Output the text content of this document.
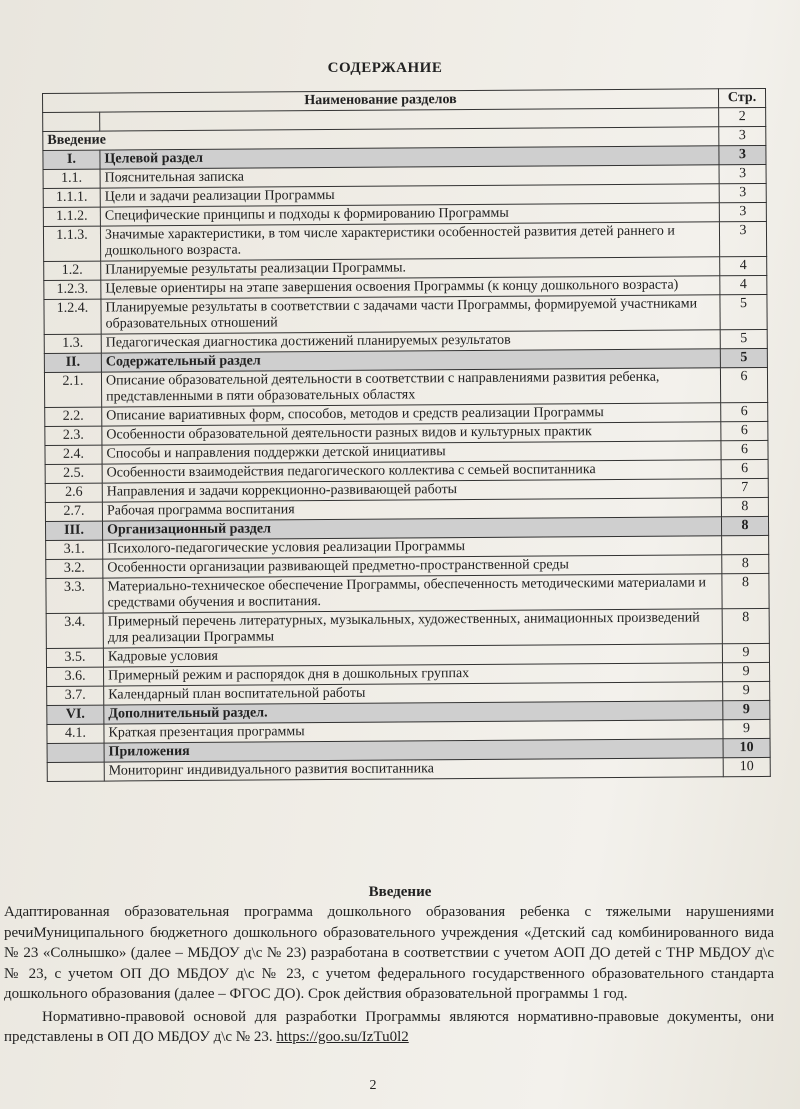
СОДЕРЖАНИЕ
Наименование разделов		Стр.
		2
Введение		3
I.	Целевой раздел	3
1.1.	Пояснительная записка	3
1.1.1.	Цели и задачи реализации Программы	3
1.1.2.	Специфические принципы и подходы к формированию Программы	3
1.1.3.	Значимые характеристики, в том числе характеристики особенностей развития детей раннего и дошкольного возраста.	3
1.2.	Планируемые результаты реализации Программы.	4
1.2.3.	Целевые ориентиры на этапе завершения освоения Программы (к концу дошкольного возраста)	4
1.2.4.	Планируемые результаты в соответствии с задачами части Программы, формируемой участниками образовательных отношений	5
1.3.	Педагогическая диагностика достижений планируемых результатов	5
II.	Содержательный раздел	5
2.1.	Описание образовательной деятельности в соответствии с направлениями развития ребенка, представленными в пяти образовательных областях	6
2.2.	Описание вариативных форм, способов, методов и средств реализации Программы	6
2.3.	Особенности образовательной деятельности разных видов и культурных практик	6
2.4.	Способы и направления поддержки детской инициативы	6
2.5.	Особенности взаимодействия педагогического коллектива с семьей воспитанника	6
2.6	Направления и задачи коррекционно-развивающей работы	7
2.7.	Рабочая программа воспитания	8
III.	Организационный раздел	8
3.1.	Психолого-педагогические условия реализации Программы	
3.2.	Особенности организации развивающей предметно-пространственной среды	8
3.3.	Материально-техническое обеспечение Программы, обеспеченность методическими материалами и средствами обучения и воспитания.	8
3.4.	Примерный перечень литературных, музыкальных, художественных, анимационных произведений для реализации Программы	8
3.5.	Кадровые условия	9
3.6.	Примерный режим и распорядок дня в дошкольных группах	9
3.7.	Календарный план воспитательной работы	9
VI.	Дополнительный раздел.	9
4.1.	Краткая презентация программы	9
	Приложения	10
	Мониторинг индивидуального развития воспитанника	10
Введение

Адаптированная образовательная программа дошкольного образования ребенка с тяжелыми нарушениями речиМуниципального бюджетного дошкольного образовательного учреждения «Детский сад комбинированного вида № 23 «Солнышко» (далее – МБДОУ д\с № 23) разработана в соответствии с учетом АОП ДО детей с ТНР МБДОУ д\с № 23, с учетом ОП ДО МБДОУ д\с № 23, с учетом федерального государственного образовательного стандарта дошкольного образования (далее – ФГОС ДО). Срок действия образовательной программы 1 год.

Нормативно-правовой основой для разработки Программы являются нормативно-правовые документы, они представлены в ОП ДО МБДОУ д\с № 23. https://goo.su/IzTu0l2

2
